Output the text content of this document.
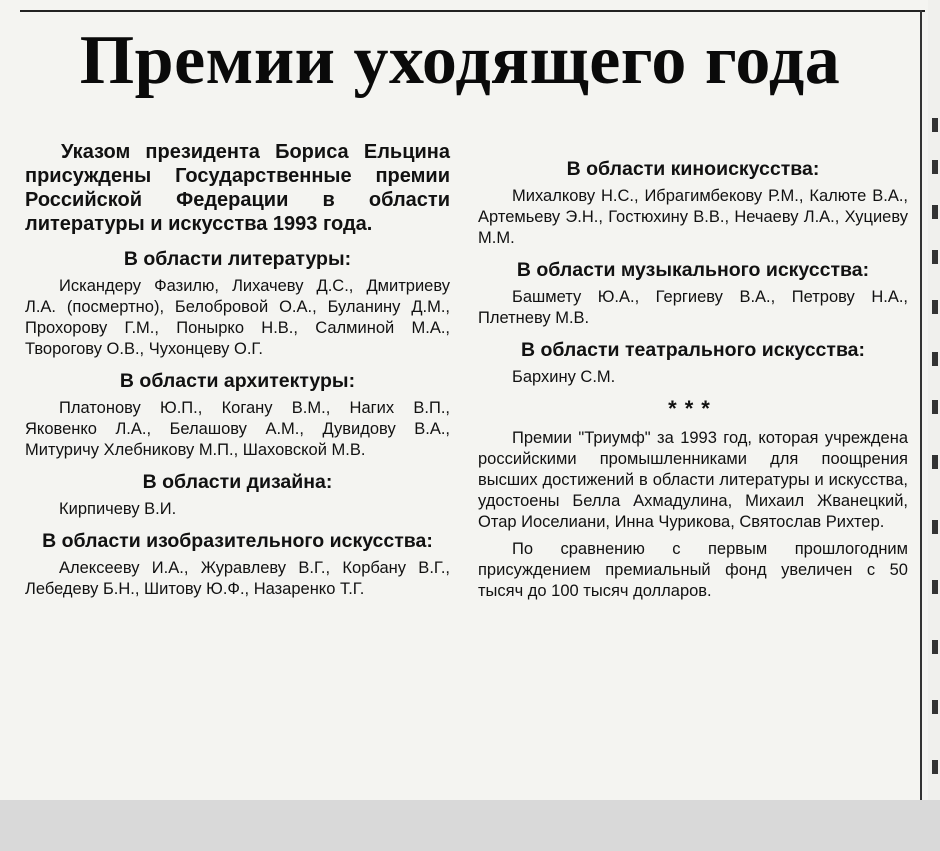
Премии уходящего года

Указом президента Бориса Ельцина присуждены Государственные премии Российской Федерации в области литературы и искусства 1993 года.

В области литературы:

Искандеру Фазилю, Лихачеву Д.С., Дмитриеву Л.А. (посмертно), Белобровой О.А., Буланину Д.М., Прохорову Г.М., Понырко Н.В., Салминой М.А., Творогову О.В., Чухонцеву О.Г.

В области архитектуры:

Платонову Ю.П., Когану В.М., Нагих В.П., Яковенко Л.А., Белашову А.М., Дувидову В.А., Митуричу Хлебникову М.П., Шаховской М.В.

В области дизайна:

Кирпичеву В.И.

В области изобразительного искусства:

Алексееву И.А., Журавлеву В.Г., Корбану В.Г., Лебедеву Б.Н., Шитову Ю.Ф., Назаренко Т.Г.

В области киноискусства:

Михалкову Н.С., Ибрагимбекову Р.М., Калюте В.А., Артемьеву Э.Н., Гостюхину В.В., Нечаеву Л.А., Хуциеву М.М.

В области музыкального искусства:

Башмету Ю.А., Гергиеву В.А., Петрову Н.А., Плетневу М.В.

В области театрального искусства:

Бархину С.М.

***

Премии "Триумф" за 1993 год, которая учреждена российскими промышленниками для поощрения высших достижений в области литературы и искусства, удостоены Белла Ахмадулина, Михаил Жванецкий, Отар Иоселиани, Инна Чурикова, Святослав Рихтер.

По сравнению с первым прошлогодним присуждением премиальный фонд увеличен с 50 тысяч до 100 тысяч долларов.
